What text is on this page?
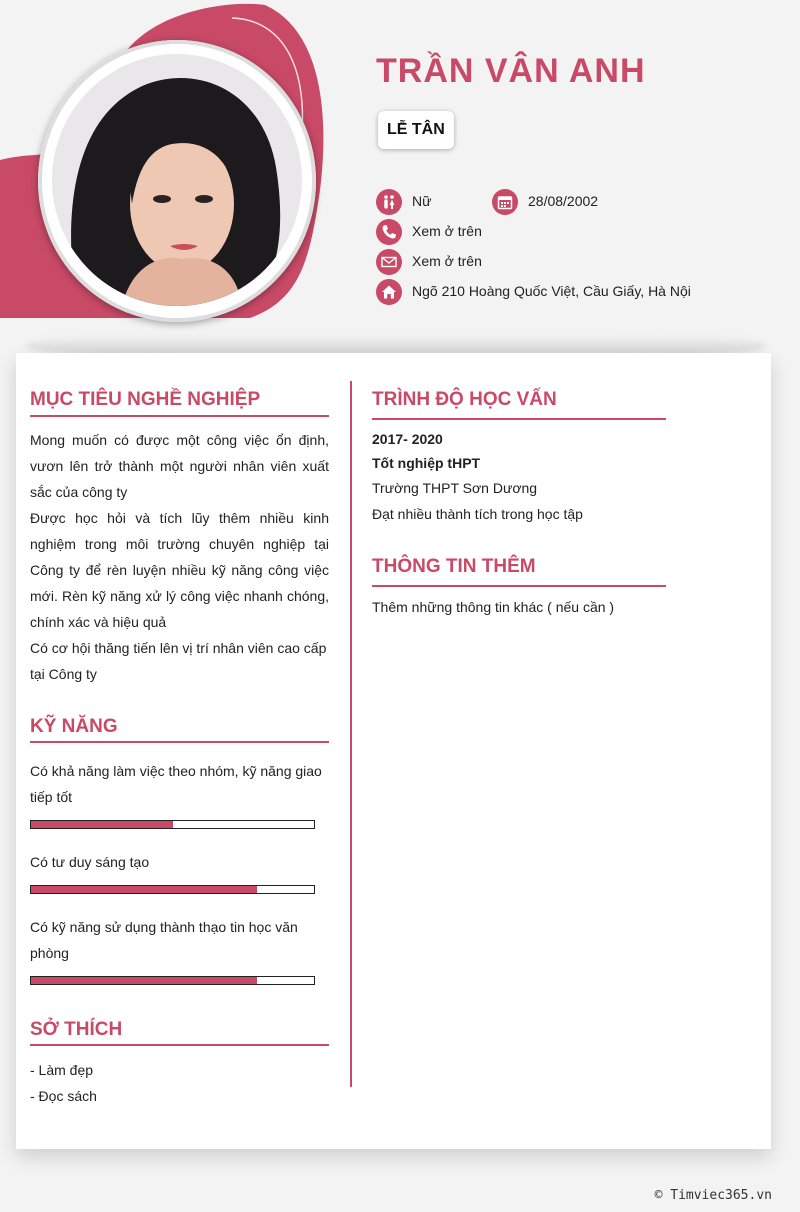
TRẦN VÂN ANH
LỄ TÂN
Nữ	28/08/2002
Xem ở trên
Xem ở trên
Ngõ 210 Hoàng Quốc Việt, Cầu Giấy, Hà Nội
MỤC TIÊU NGHỀ NGHIỆP

Mong muốn có được một công việc ổn định, vươn lên trở thành một người nhân viên xuất sắc của công ty

Được học hỏi và tích lũy thêm nhiều kinh nghiệm trong môi trường chuyên nghiệp tại Công ty để rèn luyện nhiều kỹ năng công việc mới. Rèn kỹ năng xử lý công việc nhanh chóng, chính xác và hiệu quả

Có cơ hội thăng tiến lên vị trí nhân viên cao cấp tại Công ty

KỸ NĂNG
Có khả năng làm việc theo nhóm, kỹ năng giao tiếp tốt
Có tư duy sáng tạo
Có kỹ năng sử dụng thành thạo tin học văn phòng
SỞ THÍCH
- Làm đẹp
- Đọc sách
TRÌNH ĐỘ HỌC VẤN
2017- 2020
Tốt nghiệp tHPT
Trường THPT Sơn Dương
Đạt nhiều thành tích trong học tập
THÔNG TIN THÊM
Thêm những thông tin khác ( nếu cần )
© Timviec365.vn
